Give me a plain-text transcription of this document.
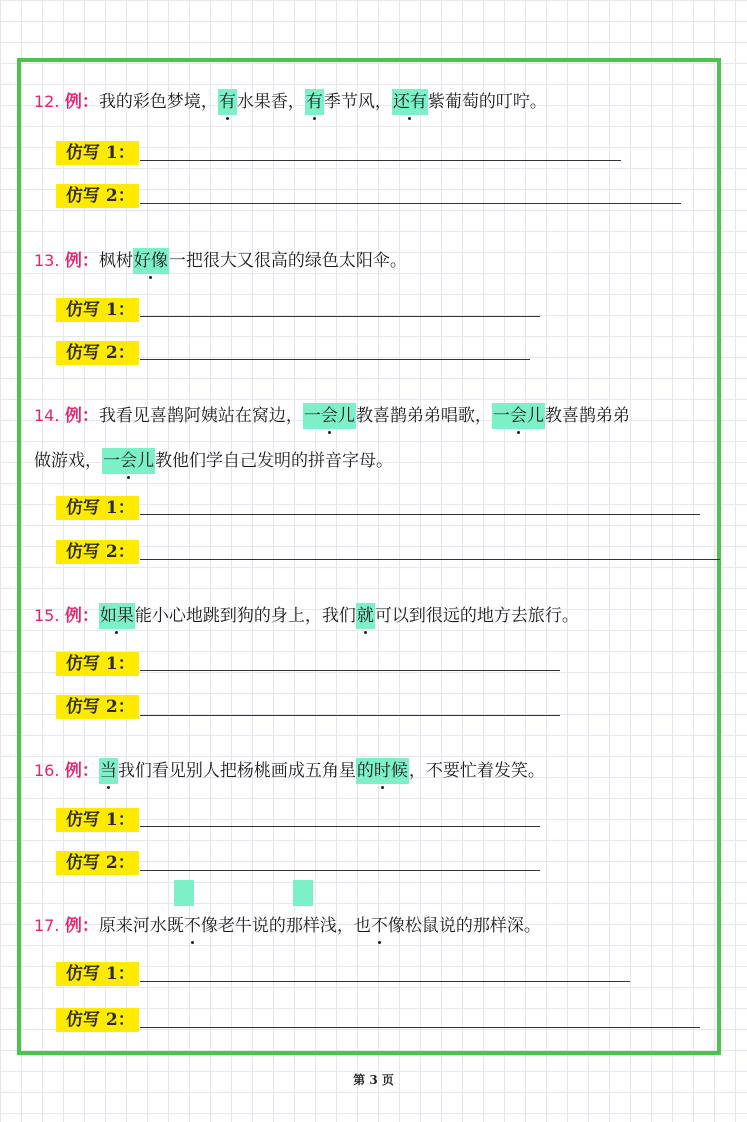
12. 例：我的彩色梦境，有水果香，有季节风，还有紫葡萄的叮咛。
仿写 1：
仿写 2：
13. 例：枫树好像一把很大又很高的绿色太阳伞。
仿写 1：
仿写 2：
14. 例：我看见喜鹊阿姨站在窝边，一会儿教喜鹊弟弟唱歌，一会儿教喜鹊弟弟
做游戏，一会儿教他们学自己发明的拼音字母。
仿写 1：
仿写 2：
15. 例：如果能小心地跳到狗的身上，我们就可以到很远的地方去旅行。
仿写 1：
仿写 2：
16. 例：当我们看见别人把杨桃画成五角星的时候，不要忙着发笑。
仿写 1：
仿写 2：
17. 例：原来河水既不像老牛说的那样浅，也不像松鼠说的那样深。
仿写 1：
仿写 2：
第 3 页
